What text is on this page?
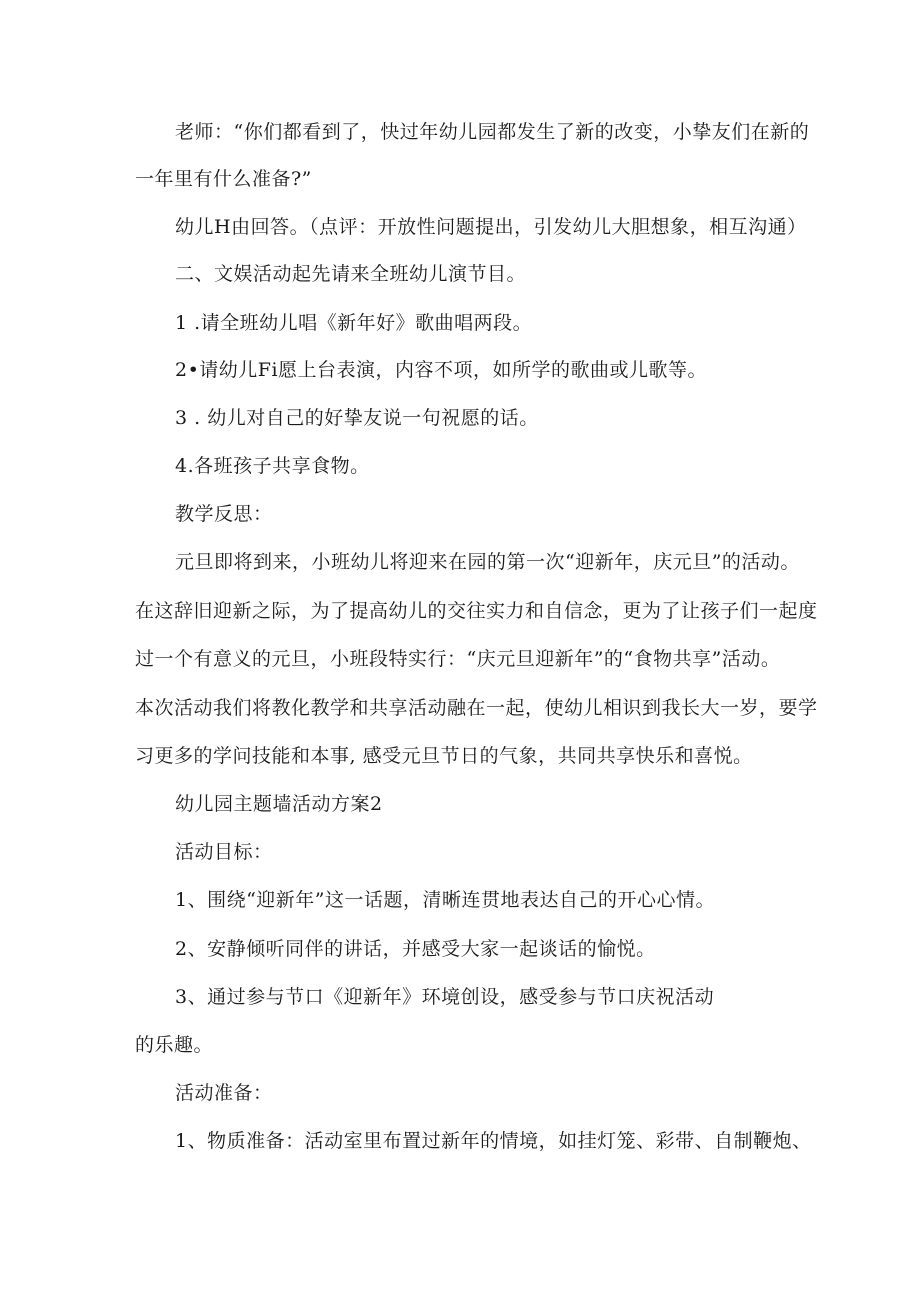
老师：“你们都看到了，快过年幼儿园都发生了新的改变，小挚友们在新的
一年里有什么准备?”
幼儿H由回答。（点评：开放性问题提出，引发幼儿大胆想象，相互沟通）
二、文娱活动起先请来全班幼儿演节目。
1 .请全班幼儿唱《新年好》歌曲唱两段。
2•请幼儿Fi愿上台表演，内容不项，如所学的歌曲或儿歌等。
3 . 幼儿对自己的好挚友说一句祝愿的话。
4.各班孩子共享食物。
教学反思：
元旦即将到来，小班幼儿将迎来在园的第一次“迎新年，庆元旦”的活动。
在这辞旧迎新之际，为了提高幼儿的交往实力和自信念，更为了让孩子们一起度
过一个有意义的元旦，小班段特实行：“庆元旦迎新年”的“食物共享”活动。
本次活动我们将教化教学和共享活动融在一起，使幼儿相识到我长大一岁，要学
习更多的学问技能和本事, 感受元旦节日的气象，共同共享快乐和喜悦。
幼儿园主题墙活动方案2
活动目标：
1、围绕“迎新年”这一话题，清晰连贯地表达自己的开心心情。
2、安静倾听同伴的讲话，并感受大家一起谈话的愉悦。
3、通过参与节口《迎新年》环境创设，感受参与节口庆祝活动
的乐趣。
活动准备：
1、物质准备：活动室里布置过新年的情境，如挂灯笼、彩带、自制鞭炮、
